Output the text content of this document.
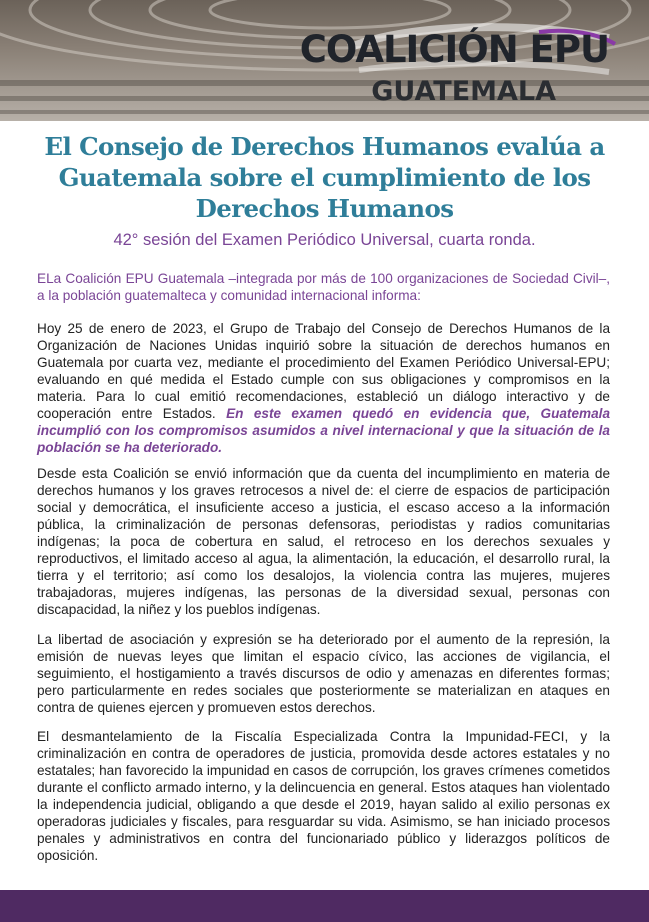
COALICIÓN EPU
GUATEMALA
El Consejo de Derechos Humanos evalúa a Guatemala sobre el cumplimiento de los Derechos Humanos

42° sesión del Examen Periódico Universal, cuarta ronda.

ELa Coalición EPU Guatemala –integrada por más de 100 organizaciones de Sociedad Civil–, a la población guatemalteca y comunidad internacional informa:

Hoy 25 de enero de 2023, el Grupo de Trabajo del Consejo de Derechos Humanos de la Organización de Naciones Unidas inquirió sobre la situación de derechos humanos en Guatemala por cuarta vez, mediante el procedimiento del Examen Periódico Universal-EPU; evaluando en qué medida el Estado cumple con sus obligaciones y compromisos en la materia. Para lo cual emitió recomendaciones, estableció un diálogo interactivo y de cooperación entre Estados. En este examen quedó en evidencia que, Guatemala incumplió con los compromisos asumidos a nivel internacional y que la situación de la población se ha deteriorado.

Desde esta Coalición se envió información que da cuenta del incumplimiento en materia de derechos humanos y los graves retrocesos a nivel de: el cierre de espacios de participación social y democrática, el insuficiente acceso a justicia, el escaso acceso a la información pública, la criminalización de personas defensoras, periodistas y radios comunitarias indígenas; la poca de cobertura en salud, el retroceso en los derechos sexuales y reproductivos, el limitado acceso al agua, la alimentación, la educación, el desarrollo rural, la tierra y el territorio; así como los desalojos, la violencia contra las mujeres, mujeres trabajadoras, mujeres indígenas, las personas de la diversidad sexual, personas con discapacidad, la niñez y los pueblos indígenas.

La libertad de asociación y expresión se ha deteriorado por el aumento de la represión, la emisión de nuevas leyes que limitan el espacio cívico, las acciones de vigilancia, el seguimiento, el hostigamiento a través discursos de odio y amenazas en diferentes formas; pero particularmente en redes sociales que posteriormente se materializan en ataques en contra de quienes ejercen y promueven estos derechos.

El desmantelamiento de la Fiscalía Especializada Contra la Impunidad-FECI, y la criminalización en contra de operadores de justicia, promovida desde actores estatales y no estatales; han favorecido la impunidad en casos de corrupción, los graves crímenes cometidos durante el conflicto armado interno, y la delincuencia en general. Estos ataques han violentado la independencia judicial, obligando a que desde el 2019, hayan salido al exilio personas ex operadoras judiciales y fiscales, para resguardar su vida. Asimismo, se han iniciado procesos penales y administrativos en contra del funcionariado público y liderazgos políticos de oposición.
